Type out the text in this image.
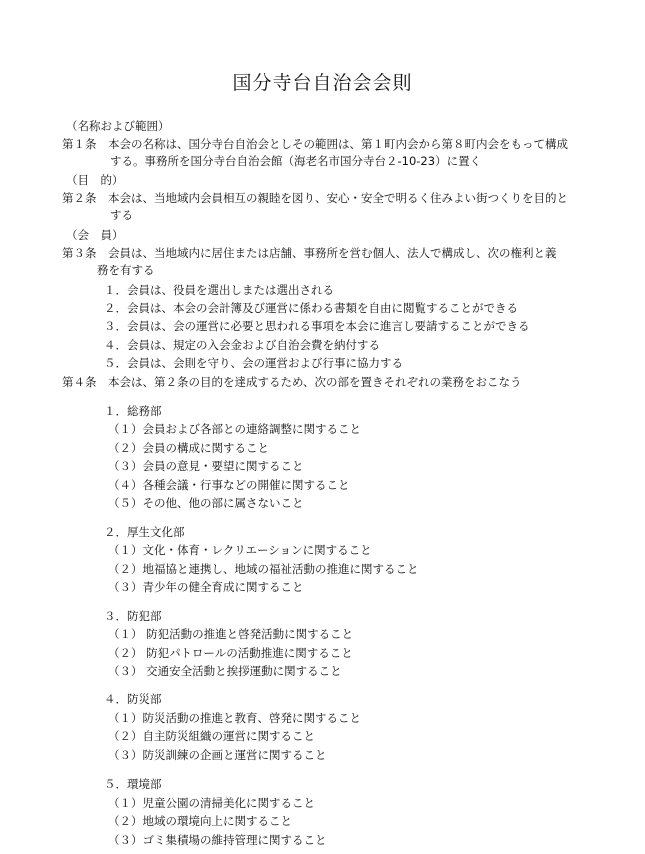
国分寺台自治会会則
（名称および範囲）
第１条　本会の名称は、国分寺台自治会としその範囲は、第１町内会から第８町内会をもって構成
する。事務所を国分寺台自治会館（海老名市国分寺台２-10-23）に置く
（目　的）
第２条　本会は、当地域内会員相互の親睦を図り、安心・安全で明るく住みよい街つくりを目的と
する
（会　員）
第３条　会員は、当地域内に居住または店舗、事務所を営む個人、法人で構成し、次の権利と義
務を有する
１．会員は、役員を選出しまたは選出される
２．会員は、本会の会計簿及び運営に係わる書類を自由に閲覧することができる
３．会員は、会の運営に必要と思われる事項を本会に進言し要請することができる
４．会員は、規定の入会金および自治会費を納付する
５．会員は、会則を守り、会の運営および行事に協力する
第４条　本会は、第２条の目的を達成するため、次の部を置きそれぞれの業務をおこなう
１．総務部
（１）会員および各部との連絡調整に関すること
（２）会員の構成に関すること
（３）会員の意見・要望に関すること
（４）各種会議・行事などの開催に関すること
（５）その他、他の部に属さないこと
２．厚生文化部
（１）文化・体育・レクリエーションに関すること
（２）地福協と連携し、地域の福祉活動の推進に関すること
（３）青少年の健全育成に関すること
３．防犯部
（１） 防犯活動の推進と啓発活動に関すること
（２） 防犯パトロールの活動推進に関すること
（３） 交通安全活動と挨拶運動に関すること
４．防災部
（１）防災活動の推進と教育、啓発に関すること
（２）自主防災組織の運営に関すること
（３）防災訓練の企画と運営に関すること
５．環境部
（１）児童公園の清掃美化に関すること
（２）地域の環境向上に関すること
（３）ゴミ集積場の維持管理に関すること
